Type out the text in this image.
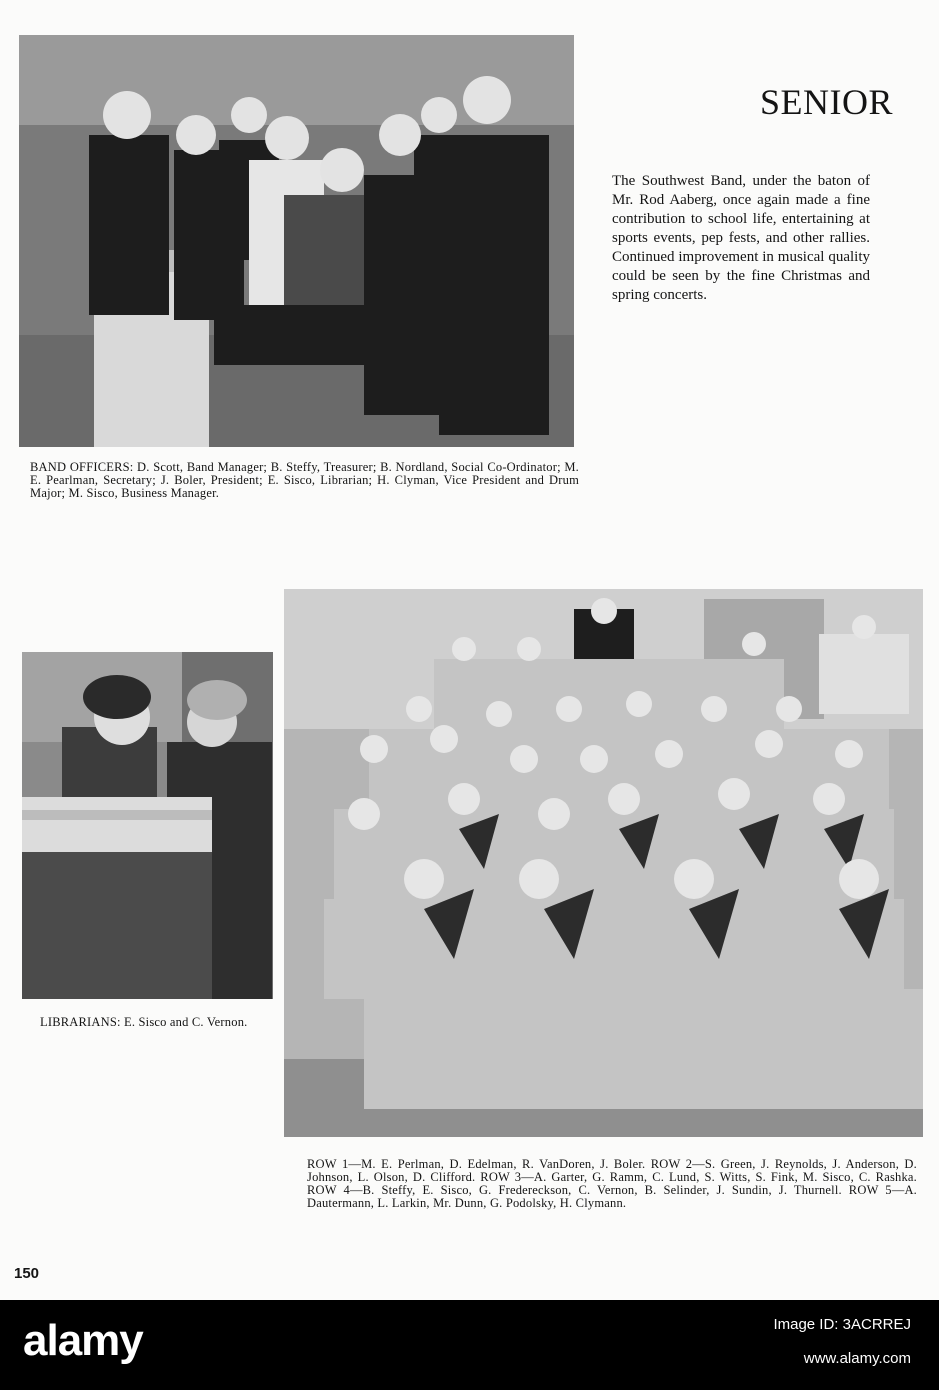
BAND OFFICERS: D. Scott, Band Manager; B. Steffy, Treasurer; B. Nordland, Social Co-Ordinator; M. E. Pearlman, Secretary; J. Boler, President; E. Sisco, Librarian; H. Clyman, Vice President and Drum Major; M. Sisco, Business Manager.
SENIOR
The Southwest Band, under the baton of Mr. Rod Aaberg, once again made a fine contribution to school life, entertaining at sports events, pep fests, and other rallies. Continued improvement in musical quality could be seen by the fine Christmas and spring concerts.
LIBRARIANS: E. Sisco and C. Vernon.
ROW 1—M. E. Perlman, D. Edelman, R. VanDoren, J. Boler. ROW 2—S. Green, J. Reynolds, J. Anderson, D. Johnson, L. Olson, D. Clifford. ROW 3—A. Garter, G. Ramm, C. Lund, S. Witts, S. Fink, M. Sisco, C. Rashka. ROW 4—B. Steffy, E. Sisco, G. Fredereckson, C. Vernon, B. Selinder, J. Sundin, J. Thurnell. ROW 5—A. Dautermann, L. Larkin, Mr. Dunn, G. Podolsky, H. Clymann.
150
alamy	Image ID: 3ACRREJ
www.alamy.com
